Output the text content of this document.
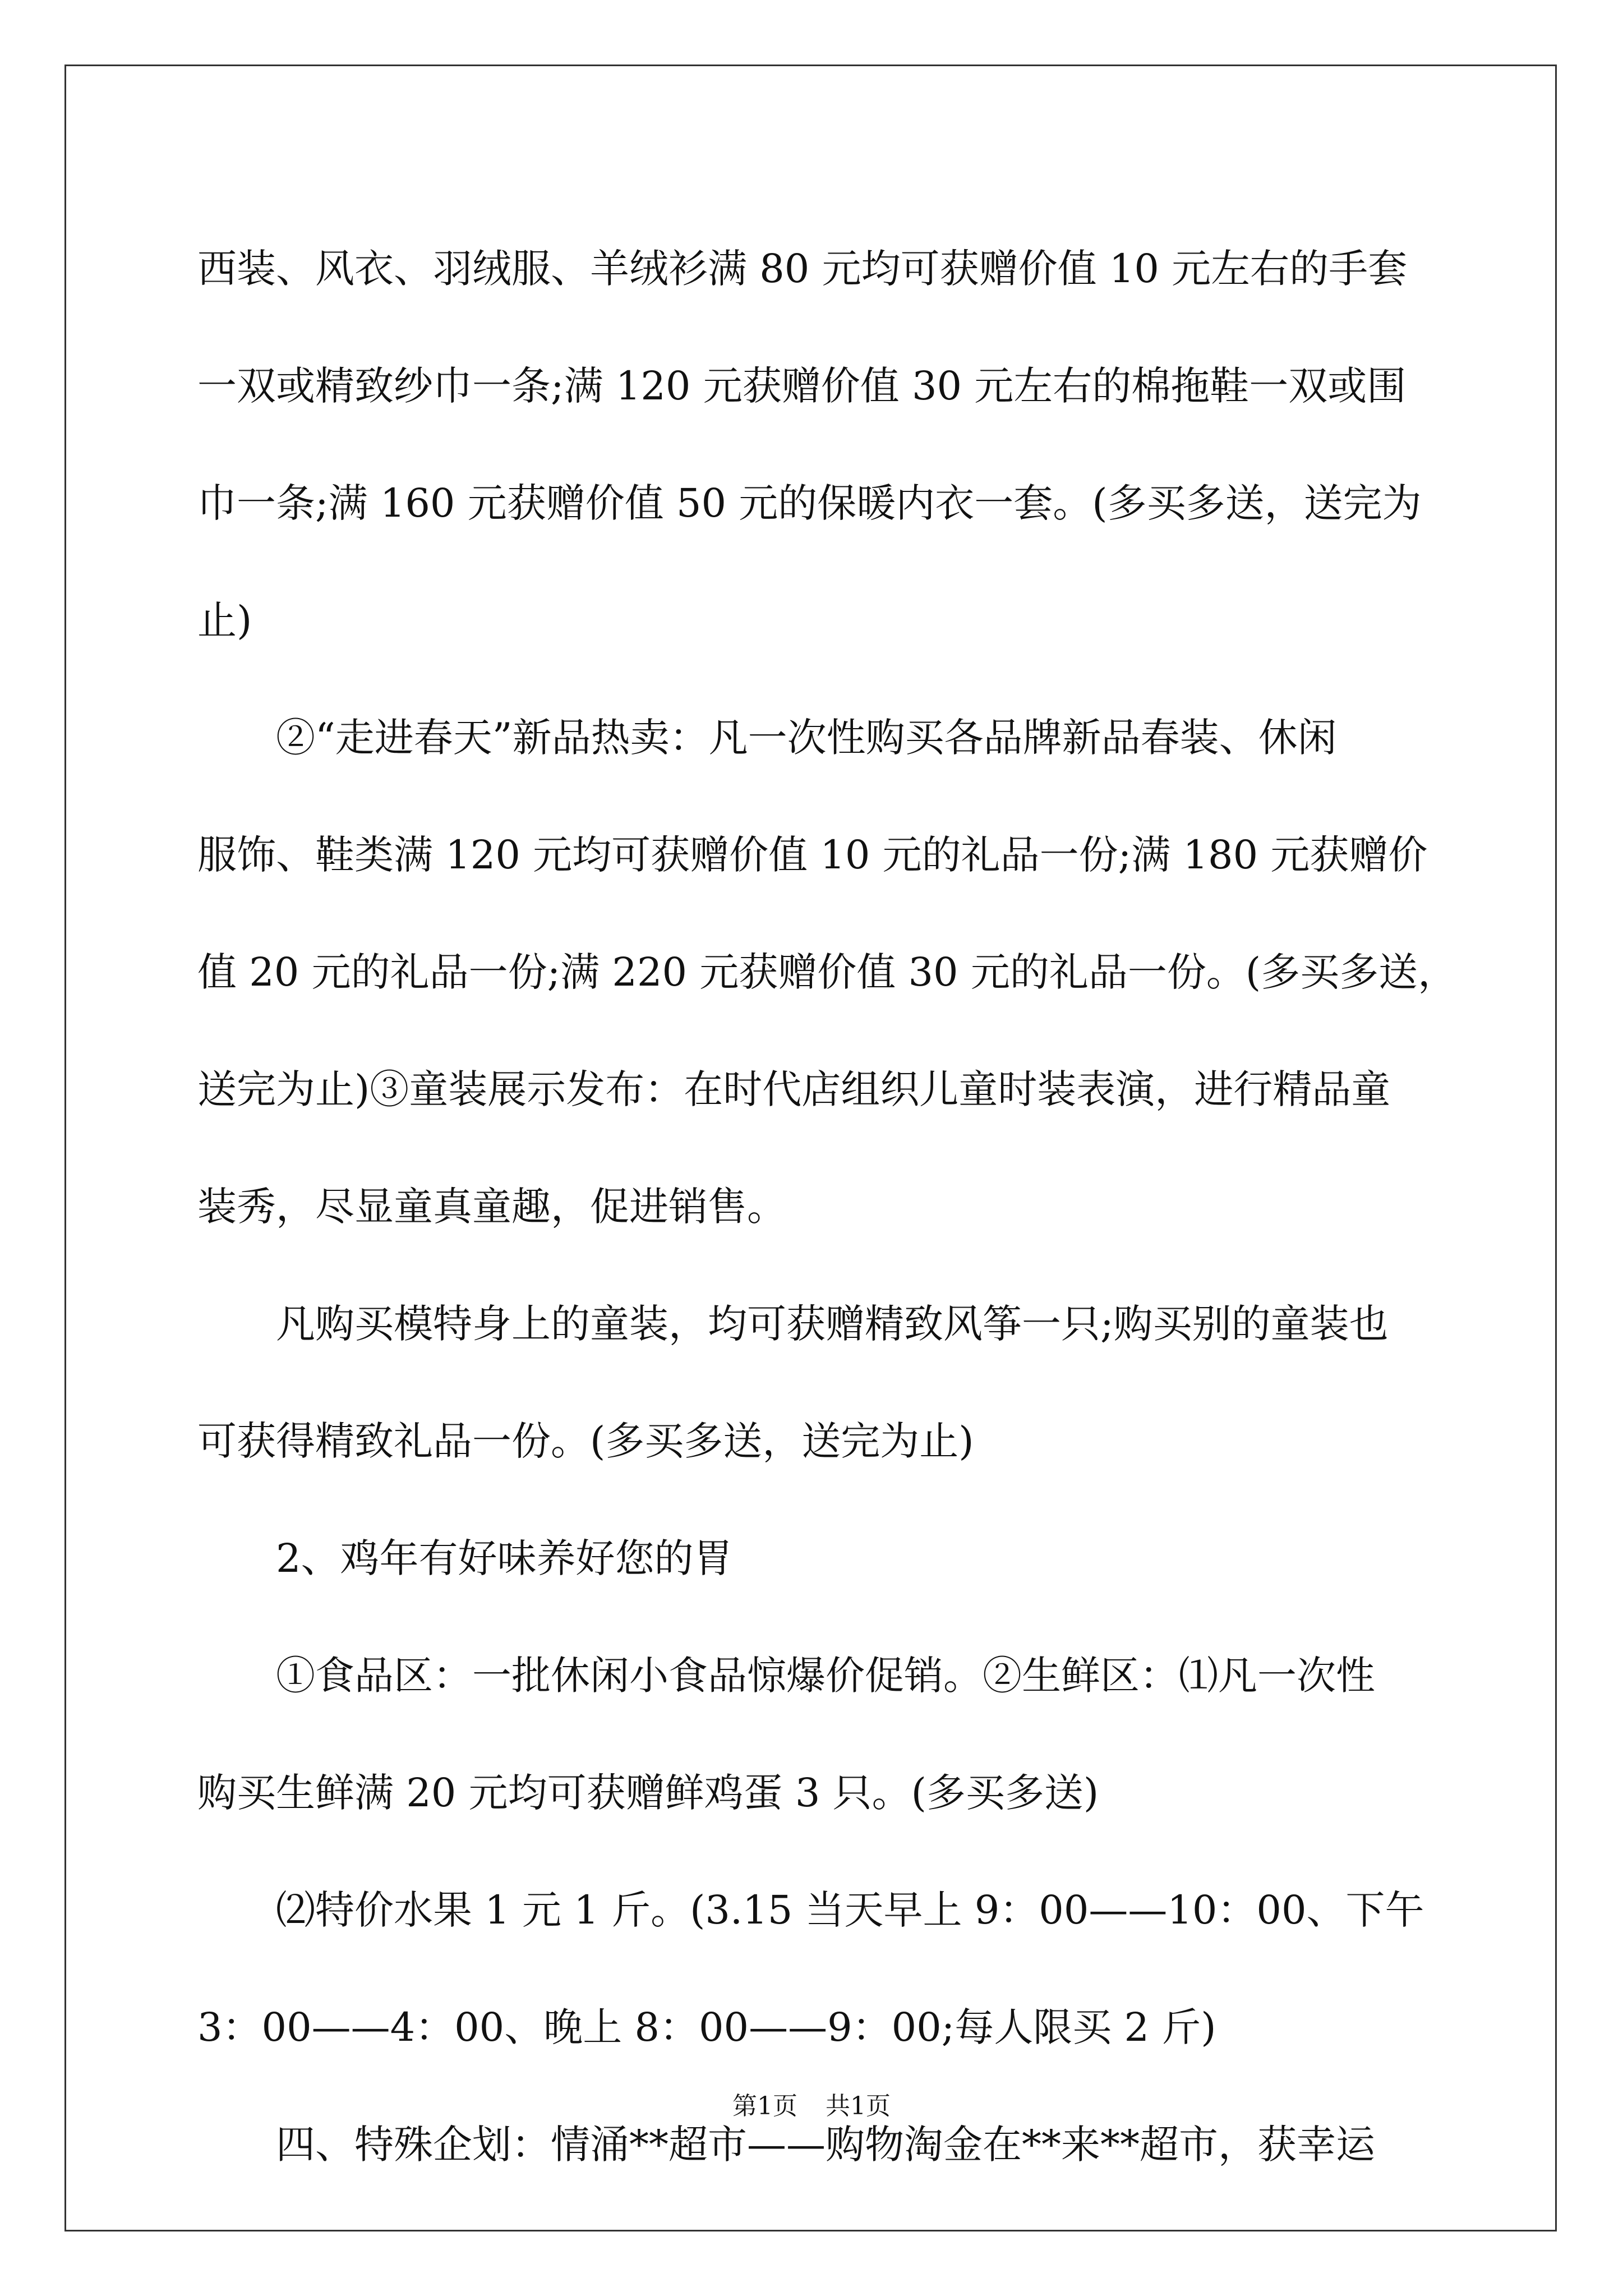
西装、风衣、羽绒服、羊绒衫满 80 元均可获赠价值 10 元左右的手套
一双或精致纱巾一条;满 120 元获赠价值 30 元左右的棉拖鞋一双或围
巾一条;满 160 元获赠价值 50 元的保暖内衣一套。(多买多送，送完为
止)
②“走进春天”新品热卖：凡一次性购买各品牌新品春装、休闲
服饰、鞋类满 120 元均可获赠价值 10 元的礼品一份;满 180 元获赠价
值 20 元的礼品一份;满 220 元获赠价值 30 元的礼品一份。(多买多送，
送完为止)③童装展示发布：在时代店组织儿童时装表演，进行精品童
装秀，尽显童真童趣，促进销售。
凡购买模特身上的童装，均可获赠精致风筝一只;购买别的童装也
可获得精致礼品一份。(多买多送，送完为止)
2、鸡年有好味养好您的胃
①食品区：一批休闲小食品惊爆价促销。②生鲜区：⑴凡一次性
购买生鲜满 20 元均可获赠鲜鸡蛋 3 只。(多买多送)
⑵特价水果 1 元 1 斤。(3.15 当天早上 9：00——10：00、下午
3：00——4：00、晚上 8：00——9：00;每人限买 2 斤)
四、特殊企划：情涌**超市——购物淘金在**来**超市，获幸运
第1页 共1页
